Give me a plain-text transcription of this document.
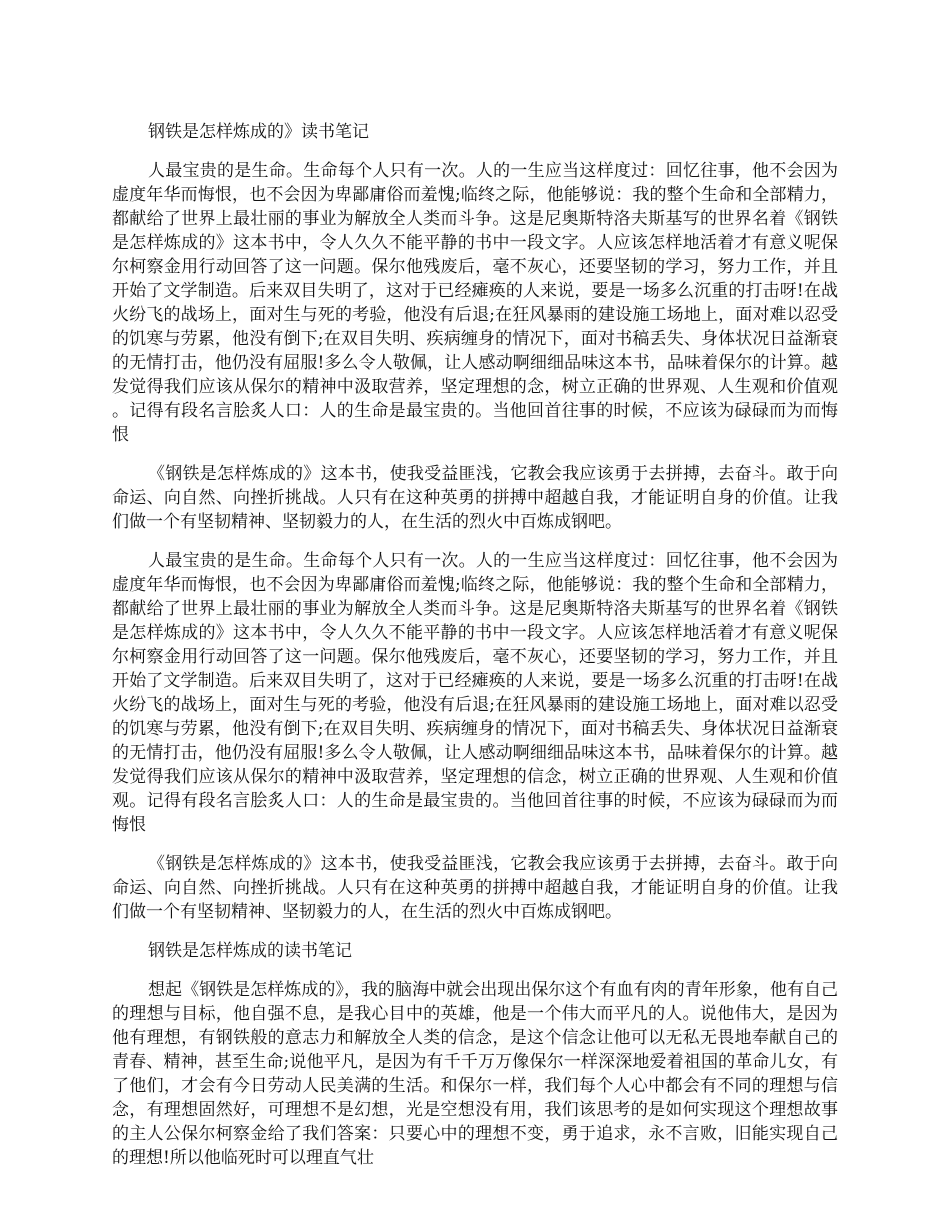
钢铁是怎样炼成的》读书笔记

人最宝贵的是生命。生命每个人只有一次。人的一生应当这样度过：回忆往事，他不会因为虚度年华而悔恨，也不会因为卑鄙庸俗而羞愧;临终之际，他能够说：我的整个生命和全部精力，都献给了世界上最壮丽的事业为解放全人类而斗争。这是尼奥斯特洛夫斯基写的世界名着《钢铁是怎样炼成的》这本书中，令人久久不能平静的书中一段文字。人应该怎样地活着才有意义呢保尔柯察金用行动回答了这一问题。保尔他残废后，毫不灰心，还要坚韧的学习，努力工作，并且开始了文学制造。后来双目失明了，这对于已经瘫痪的人来说，要是一场多么沉重的打击呀!在战火纷飞的战场上，面对生与死的考验，他没有后退;在狂风暴雨的建设施工场地上，面对难以忍受的饥寒与劳累，他没有倒下;在双目失明、疾病缠身的情况下，面对书稿丢失、身体状况日益渐衰的无情打击，他仍没有屈服!多么令人敬佩，让人感动啊细细品味这本书，品味着保尔的计算。越发觉得我们应该从保尔的精神中汲取营养，坚定理想的念，树立正确的世界观、人生观和价值观。记得有段名言脍炙人口：人的生命是最宝贵的。当他回首往事的时候，不应该为碌碌而为而悔恨

《钢铁是怎样炼成的》这本书，使我受益匪浅，它教会我应该勇于去拼搏，去奋斗。敢于向命运、向自然、向挫折挑战。人只有在这种英勇的拼搏中超越自我，才能证明自身的价值。让我们做一个有坚韧精神、坚韧毅力的人，在生活的烈火中百炼成钢吧。

人最宝贵的是生命。生命每个人只有一次。人的一生应当这样度过：回忆往事，他不会因为虚度年华而悔恨，也不会因为卑鄙庸俗而羞愧;临终之际，他能够说：我的整个生命和全部精力，都献给了世界上最壮丽的事业为解放全人类而斗争。这是尼奥斯特洛夫斯基写的世界名着《钢铁是怎样炼成的》这本书中，令人久久不能平静的书中一段文字。人应该怎样地活着才有意义呢保尔柯察金用行动回答了这一问题。保尔他残废后，毫不灰心，还要坚韧的学习，努力工作，并且开始了文学制造。后来双目失明了，这对于已经瘫痪的人来说，要是一场多么沉重的打击呀!在战火纷飞的战场上，面对生与死的考验，他没有后退;在狂风暴雨的建设施工场地上，面对难以忍受的饥寒与劳累，他没有倒下;在双目失明、疾病缠身的情况下，面对书稿丢失、身体状况日益渐衰的无情打击，他仍没有屈服!多么令人敬佩，让人感动啊细细品味这本书，品味着保尔的计算。越发觉得我们应该从保尔的精神中汲取营养，坚定理想的信念，树立正确的世界观、人生观和价值观。记得有段名言脍炙人口：人的生命是最宝贵的。当他回首往事的时候，不应该为碌碌而为而悔恨

《钢铁是怎样炼成的》这本书，使我受益匪浅，它教会我应该勇于去拼搏，去奋斗。敢于向命运、向自然、向挫折挑战。人只有在这种英勇的拼搏中超越自我，才能证明自身的价值。让我们做一个有坚韧精神、坚韧毅力的人，在生活的烈火中百炼成钢吧。

钢铁是怎样炼成的读书笔记

想起《钢铁是怎样炼成的》，我的脑海中就会出现出保尔这个有血有肉的青年形象，他有自己的理想与目标，他自强不息，是我心目中的英雄，他是一个伟大而平凡的人。说他伟大，是因为他有理想，有钢铁般的意志力和解放全人类的信念，是这个信念让他可以无私无畏地奉献自己的青春、精神，甚至生命;说他平凡，是因为有千千万万像保尔一样深深地爱着祖国的革命儿女，有了他们，才会有今日劳动人民美满的生活。和保尔一样，我们每个人心中都会有不同的理想与信念，有理想固然好，可理想不是幻想，光是空想没有用，我们该思考的是如何实现这个理想故事的主人公保尔柯察金给了我们答案：只要心中的理想不变，勇于追求，永不言败，旧能实现自己的理想!所以他临死时可以理直气壮
